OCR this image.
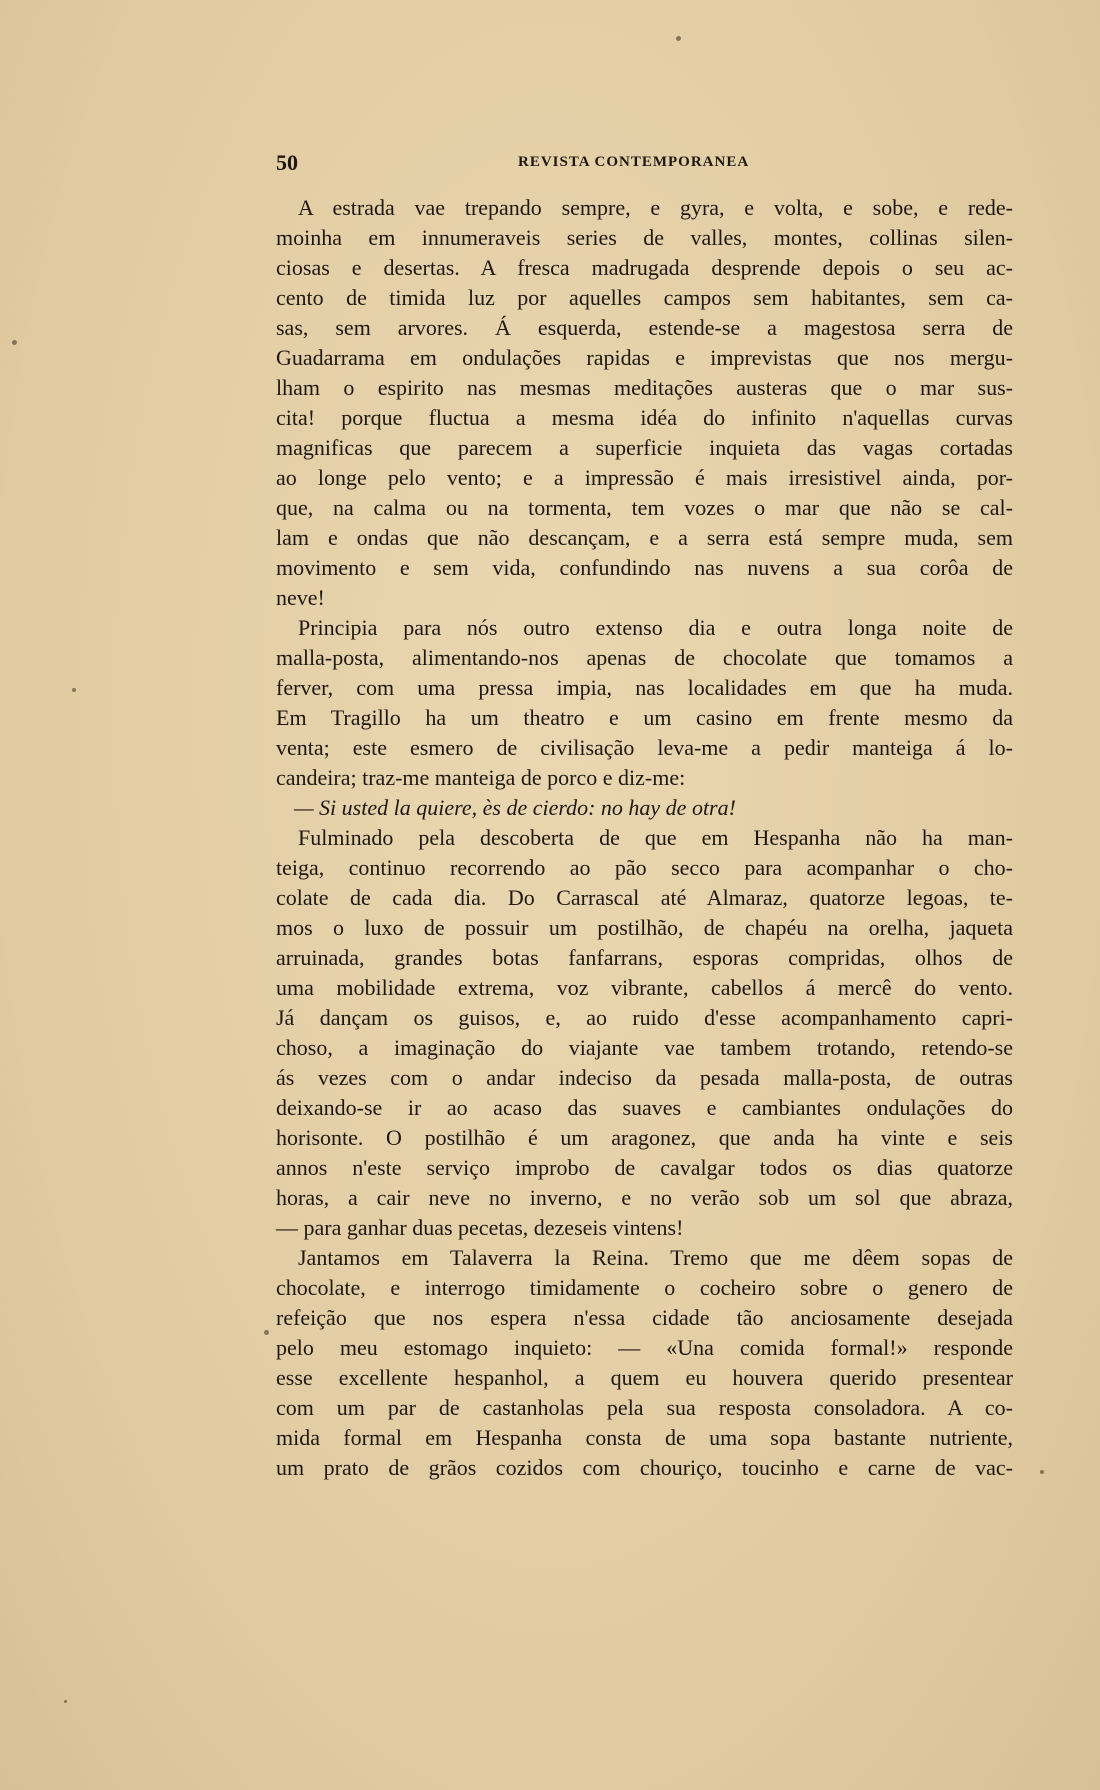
50	REVISTA CONTEMPORANEA
A estrada vae trepando sempre, e gyra, e volta, e sobe, e rede-
moinha em innumeraveis series de valles, montes, collinas silen-
ciosas e desertas. A fresca madrugada desprende depois o seu ac-
cento de timida luz por aquelles campos sem habitantes, sem ca-
sas, sem arvores. Á esquerda, estende-se a magestosa serra de
Guadarrama em ondulações rapidas e imprevistas que nos mergu-
lham o espirito nas mesmas meditações austeras que o mar sus-
cita! porque fluctua a mesma idéa do infinito n'aquellas curvas
magnificas que parecem a superficie inquieta das vagas cortadas
ao longe pelo vento; e a impressão é mais irresistivel ainda, por-
que, na calma ou na tormenta, tem vozes o mar que não se cal-
lam e ondas que não descançam, e a serra está sempre muda, sem
movimento e sem vida, confundindo nas nuvens a sua corôa de
neve!
Principia para nós outro extenso dia e outra longa noite de
malla-posta, alimentando-nos apenas de chocolate que tomamos a
ferver, com uma pressa impia, nas localidades em que ha muda.
Em Tragillo ha um theatro e um casino em frente mesmo da
venta; este esmero de civilisação leva-me a pedir manteiga á lo-
candeira; traz-me manteiga de porco e diz-me:
— Si usted la quiere, ès de cierdo: no hay de otra!
Fulminado pela descoberta de que em Hespanha não ha man-
teiga, continuo recorrendo ao pão secco para acompanhar o cho-
colate de cada dia. Do Carrascal até Almaraz, quatorze legoas, te-
mos o luxo de possuir um postilhão, de chapéu na orelha, jaqueta
arruinada, grandes botas fanfarrans, esporas compridas, olhos de
uma mobilidade extrema, voz vibrante, cabellos á mercê do vento.
Já dançam os guisos, e, ao ruido d'esse acompanhamento capri-
choso, a imaginação do viajante vae tambem trotando, retendo-se
ás vezes com o andar indeciso da pesada malla-posta, de outras
deixando-se ir ao acaso das suaves e cambiantes ondulações do
horisonte. O postilhão é um aragonez, que anda ha vinte e seis
annos n'este serviço improbo de cavalgar todos os dias quatorze
horas, a cair neve no inverno, e no verão sob um sol que abraza,
— para ganhar duas pecetas, dezeseis vintens!
Jantamos em Talaverra la Reina. Tremo que me dêem sopas de
chocolate, e interrogo timidamente o cocheiro sobre o genero de
refeição que nos espera n'essa cidade tão anciosamente desejada
pelo meu estomago inquieto: — «Una comida formal!» responde
esse excellente hespanhol, a quem eu houvera querido presentear
com um par de castanholas pela sua resposta consoladora. A co-
mida formal em Hespanha consta de uma sopa bastante nutriente,
um prato de grãos cozidos com chouriço, toucinho e carne de vac-
